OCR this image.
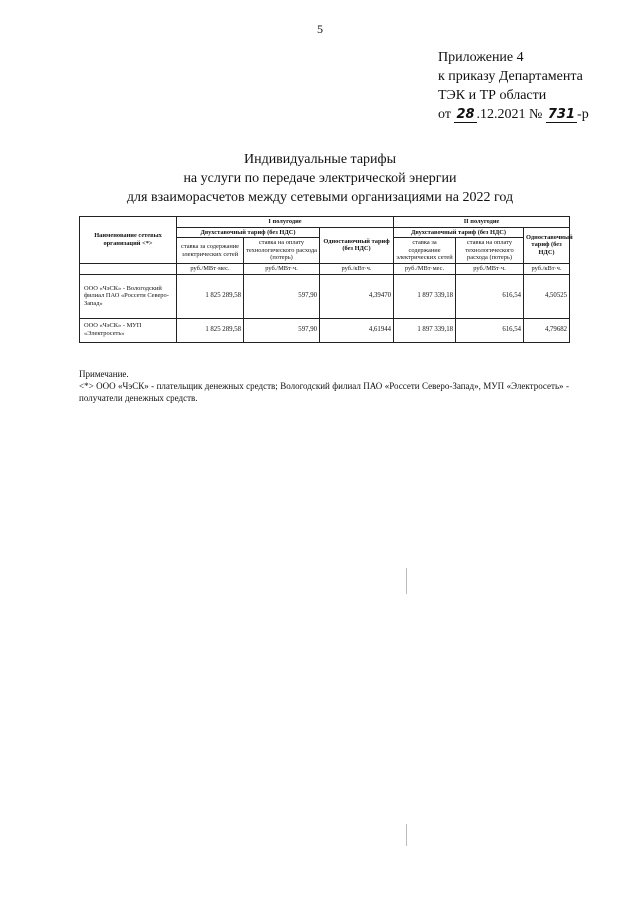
5
Приложение 4
к приказу Департамента
ТЭК и ТР области
от 28 .12.2021 № 731 -р
Индивидуальные тарифы
на услуги по передаче электрической энергии
для взаиморасчетов между сетевыми организациями на 2022 год
Наименование сетевых организаций <*>	I полугодие			II полугодие		
	Двухставочный тариф (без НДС)		Одноставочный тариф (без НДС)	Двухставочный тариф (без НДС)		Одноставочный тариф (без НДС)
	ставка за содержание электрических сетей	ставка на оплату технологического расхода (потерь)		ставка за содержание электрических сетей	ставка на оплату технологического расхода (потерь)	
	руб./МВт·мес.	руб./МВт·ч.	руб./кВт·ч.	руб./МВт·мес.	руб./МВт·ч.	руб./кВт·ч.
ООО «ЧэСК» - Вологодский филиал ПАО «Россети Северо-Запад»	1 825 289,58	597,90	4,39470	1 897 339,18	616,54	4,50525
ООО «ЧэСК» - МУП «Электросеть»	1 825 289,58	597,90	4,61944	1 897 339,18	616,54	4,79682
Примечание.
<*> ООО «ЧэСК» - плательщик денежных средств; Вологодский филиал ПАО «Россети Северо-Запад», МУП «Электросеть» - получатели денежных средств.
